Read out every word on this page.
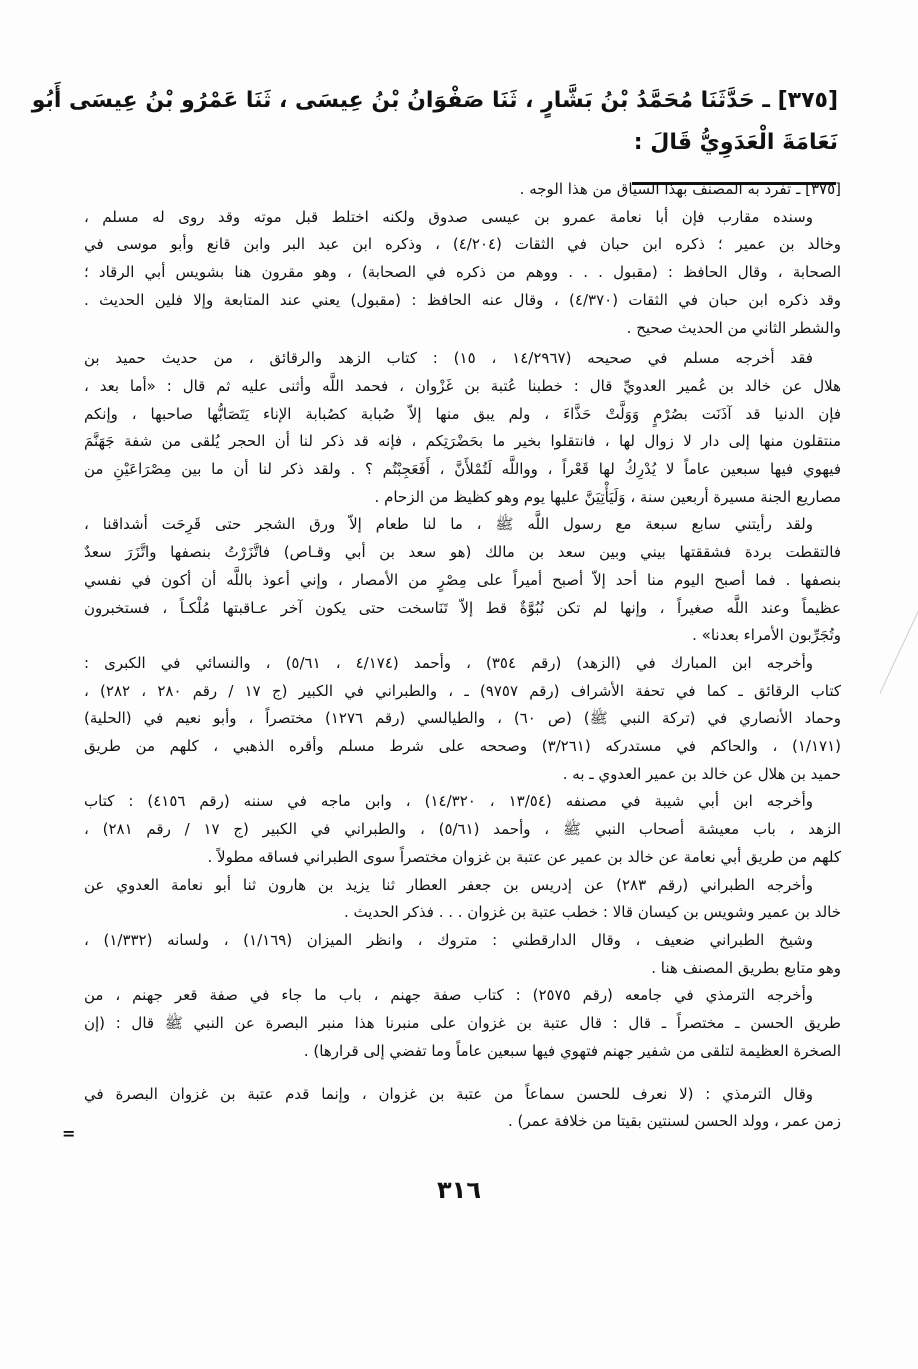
[٣٧٥] ـ حَدَّثَنَا مُحَمَّدُ بْنُ بَشَّارٍ ، ثَنَا صَفْوَانُ بْنُ عِيسَى ، ثَنَا عَمْرُو بْنُ عِيسَى أَبُو
نَعَامَةَ الْعَدَوِيُّ قَالَ :
[٣٧٥] ـ تفرد به المصنف بهذا السياق من هذا الوجه .
وسنده مقارب فإن أبا نعامة عمرو بن عيسى صدوق ولكنه اختلط قبل موته وقد روى له مسلم ،
وخالد بن عمير ؛ ذكره ابن حبان في الثقات (٤/٢٠٤) ، وذكره ابن عبد البر وابن قانع وأبو موسى في
الصحابة ، وقال الحافظ : (مقبول . . . ووهم من ذكره في الصحابة) ، وهو مقرون هنا بشويس أبي الرقاد ؛
وقد ذكره ابن حبان في الثقات (٤/٣٧٠) ، وقال عنه الحافظ : (مقبول) يعني عند المتابعة وإلا فلين الحديث .
والشطر الثاني من الحديث صحيح .
فقد أخرجه مسلم في صحيحه (١٤/٢٩٦٧ ، ١٥) : كتاب الزهد والرقائق ، من حديث حميد بن
هلال عن خالد بن عُمير العدويِّ قال : خطبنا عُتبة بن غَزْوان ، فحمد اللَّه وأثنى عليه ثم قال : «أما بعد ،
فإن الدنيا قد آذَنَت بصُرْمٍ وَوَلَّتْ حَذَّاءَ ، ولم يبق منها إلاّ صُبابة كصُبابة الإناء يَتَصَابُّها صاحبها ، وإنكم
منتقلون منها إلى دار لا زوال لها ، فانتقلوا بخير ما بحَضْرَتِكم ، فإنه قد ذكر لنا أن الحجر يُلقى من شفة جَهَنَّمَ
فيهوي فيها سبعين عاماً لا يُدْرِكُ لها قَعْراً ، وواللَّه لَتُمْلأَنَّ ، أَفَعَجِبْتُم ؟ . ولقد ذكر لنا أن ما بين مِصْرَاعَيْنِ من
مصاريع الجنة مسيرة أربعين سنة ، وَلَيَأْتِيَنَّ عليها يوم وهو كظيظ من الزحام .
ولقد رأيتني سابع سبعة مع رسول اللَّه ﷺ ، ما لنا طعام إلاّ ورق الشجر حتى قَرِحَت أشداقنا ،
فالتقطت بردة فشققتها بيني وبين سعد بن مالك (هو سعد بن أبي وقـاص) فاتَّزَرْتُ بنصفها واتَّزَرَ سعدٌ
بنصفها . فما أصبح اليوم منا أحد إلاّ أصبح أميراً على مِصْرٍ من الأمصار ، وإني أعوذ باللَّه أن أكون في نفسي
عظيماً وعند اللَّه صغيراً ، وإنها لم تكن نُبُوَّةٌ قط إلاّ تَنَاسخت حتى يكون آخر عـاقبتها مُلْكـاً ، فستخبرون
وتُجَرِّبون الأمراء بعدنا» .
وأخرجه ابن المبارك في (الزهد) (رقم ٣٥٤) ، وأحمد (٤/١٧٤ ، ٥/٦١) ، والنسائي في الكبرى :
كتاب الرقائق ـ كما في تحفة الأشراف (رقم ٩٧٥٧) ـ ، والطبراني في الكبير (ج ١٧ / رقم ٢٨٠ ، ٢٨٢) ،
وحماد الأنصاري في (تركة النبي ﷺ) (ص ٦٠) ، والطيالسي (رقم ١٢٧٦) مختصراً ، وأبو نعيم في (الحلية)
(١/١٧١) ، والحاكم في مستدركه (٣/٢٦١) وصححه على شرط مسلم وأقره الذهبي ، كلهم من طريق
حميد بن هلال عن خالد بن عمير العدوي ـ به .
وأخرجه ابن أبي شيبة في مصنفه (١٣/٥٤ ، ١٤/٣٢٠) ، وابن ماجه في سننه (رقم ٤١٥٦) : كتاب
الزهد ، باب معيشة أصحاب النبي ﷺ ، وأحمد (٥/٦١) ، والطبراني في الكبير (ج ١٧ / رقم ٢٨١) ،
كلهم من طريق أبي نعامة عن خالد بن عمير عن عتبة بن غزوان مختصراً سوى الطبراني فساقه مطولاً .
وأخرجه الطبراني (رقم ٢٨٣) عن إدريس بن جعفر العطار ثنا يزيد بن هارون ثنا أبو نعامة العدوي عن
خالد بن عمير وشويس بن كيسان قالا : خطب عتبة بن غزوان . . . فذكر الحديث .
وشيخ الطبراني ضعيف ، وقال الدارقطني : متروك ، وانظر الميزان (١/١٦٩) ، ولسانه (١/٣٣٢) ،
وهو متابع بطريق المصنف هنا .
وأخرجه الترمذي في جامعه (رقم ٢٥٧٥) : كتاب صفة جهنم ، باب ما جاء في صفة قعر جهنم ، من
طريق الحسن ـ مختصراً ـ قال : قال عتبة بن غزوان على منبرنا هذا منبر البصرة عن النبي ﷺ قال : (إن
الصخرة العظيمة لتلقى من شفير جهنم فتهوي فيها سبعين عاماً وما تفضي إلى قرارها) .
وقال الترمذي : (لا نعرف للحسن سماعاً من عتبة بن غزوان ، وإنما قدم عتبة بن غزوان البصرة في
زمن عمر ، وولد الحسن لسنتين بقيتا من خلافة عمر) .
=
٣١٦
